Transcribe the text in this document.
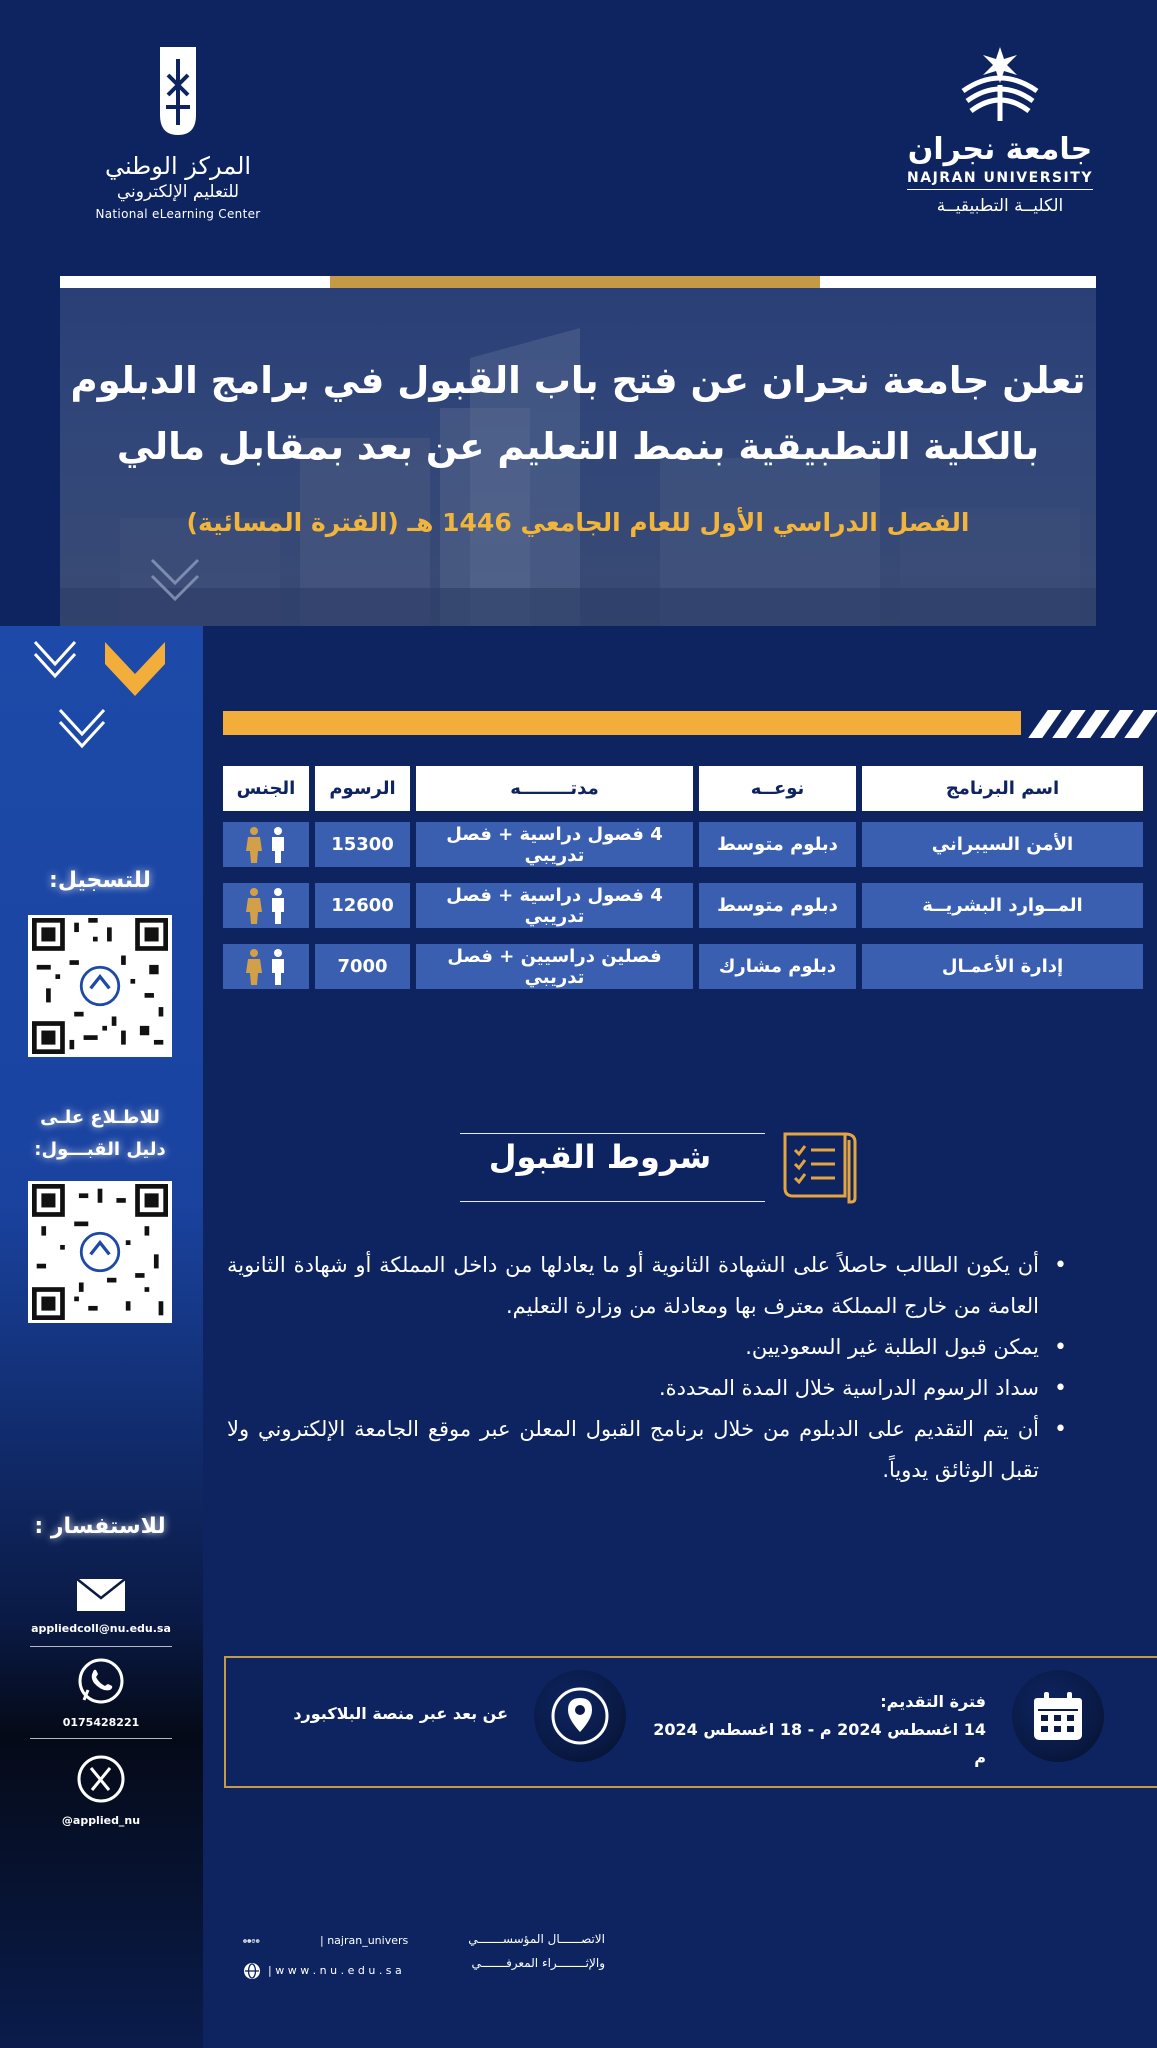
المركز الوطني
للتعليم الإلكتروني
National eLearning Center
جامعة نجران
NAJRAN UNIVERSITY
الكليــة التطبيقيــة
تعلن جامعة نجران عن فتح باب القبول في برامج الدبلوم
بالكلية التطبيقية بنمط التعليم عن بعد بمقابل مالي
الفصل الدراسي الأول للعام الجامعي 1446 هـ (الفترة المسائية)
للتسجيل:
للاطـلاع علـى
دليل القبـــول:
للاستفسار :
appliedcoll@nu.edu.sa
0175428221
@applied_nu
اسم البرنامج
نوعــه
مدتــــــــه
الرسوم
الجنس
الأمن السيبراني
دبلوم متوسط
4 فصول دراسية + فصل تدريبي
15300
المــوارد البشريــة
دبلوم متوسط
4 فصول دراسية + فصل تدريبي
12600
إدارة الأعمـال
دبلوم مشارك
فصلين دراسيين + فصل تدريبي
7000
شروط القبول
• أن يكون الطالب حاصلاً على الشهادة الثانوية أو ما يعادلها من داخل المملكة أو شهادة الثانوية العامة من خارج المملكة معترف بها ومعادلة من وزارة التعليم.
• يمكن قبول الطلبة غير السعوديين.
• سداد الرسوم الدراسية خلال المدة المحددة.
• أن يتم التقديم على الدبلوم من خلال برنامج القبول المعلن عبر موقع الجامعة الإلكتروني ولا تقبل الوثائق يدوياً.
فترة التقديم:
14 اغسطس 2024 م - 18 اغسطس 2024 م
عن بعد عبر منصة البلاكبورد
| najran_univers
| w w w . n u . e d u . s a
الاتصــــــال المؤسســـــــي
والإثــــــــراء المعرفـــــــي
